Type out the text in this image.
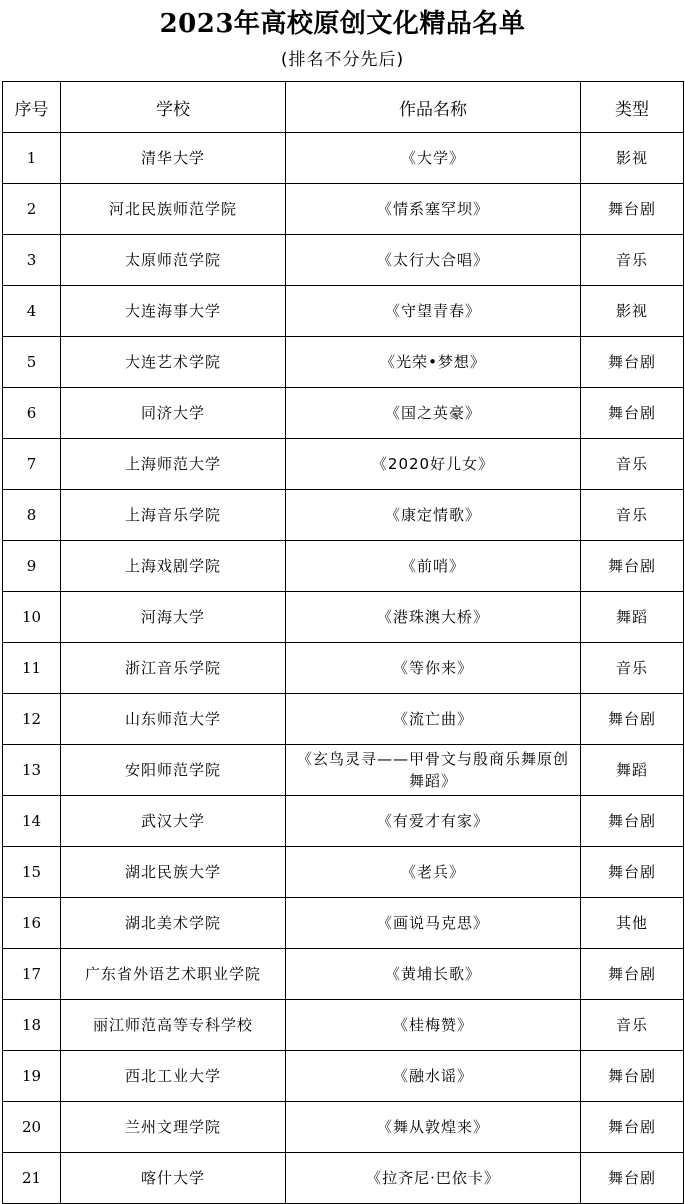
2023年高校原创文化精品名单
(排名不分先后)
序号	学校	作品名称	类型
1	清华大学	《大学》	影视
2	河北民族师范学院	《情系塞罕坝》	舞台剧
3	太原师范学院	《太行大合唱》	音乐
4	大连海事大学	《守望青春》	影视
5	大连艺术学院	《光荣•梦想》	舞台剧
6	同济大学	《国之英豪》	舞台剧
7	上海师范大学	《2020好儿女》	音乐
8	上海音乐学院	《康定情歌》	音乐
9	上海戏剧学院	《前哨》	舞台剧
10	河海大学	《港珠澳大桥》	舞蹈
11	浙江音乐学院	《等你来》	音乐
12	山东师范大学	《流亡曲》	舞台剧
13	安阳师范学院	《玄鸟灵寻——甲骨文与殷商乐舞原创舞蹈》	舞蹈
14	武汉大学	《有爱才有家》	舞台剧
15	湖北民族大学	《老兵》	舞台剧
16	湖北美术学院	《画说马克思》	其他
17	广东省外语艺术职业学院	《黄埔长歌》	舞台剧
18	丽江师范高等专科学校	《桂梅赞》	音乐
19	西北工业大学	《融水谣》	舞台剧
20	兰州文理学院	《舞从敦煌来》	舞台剧
21	喀什大学	《拉齐尼·巴依卡》	舞台剧
